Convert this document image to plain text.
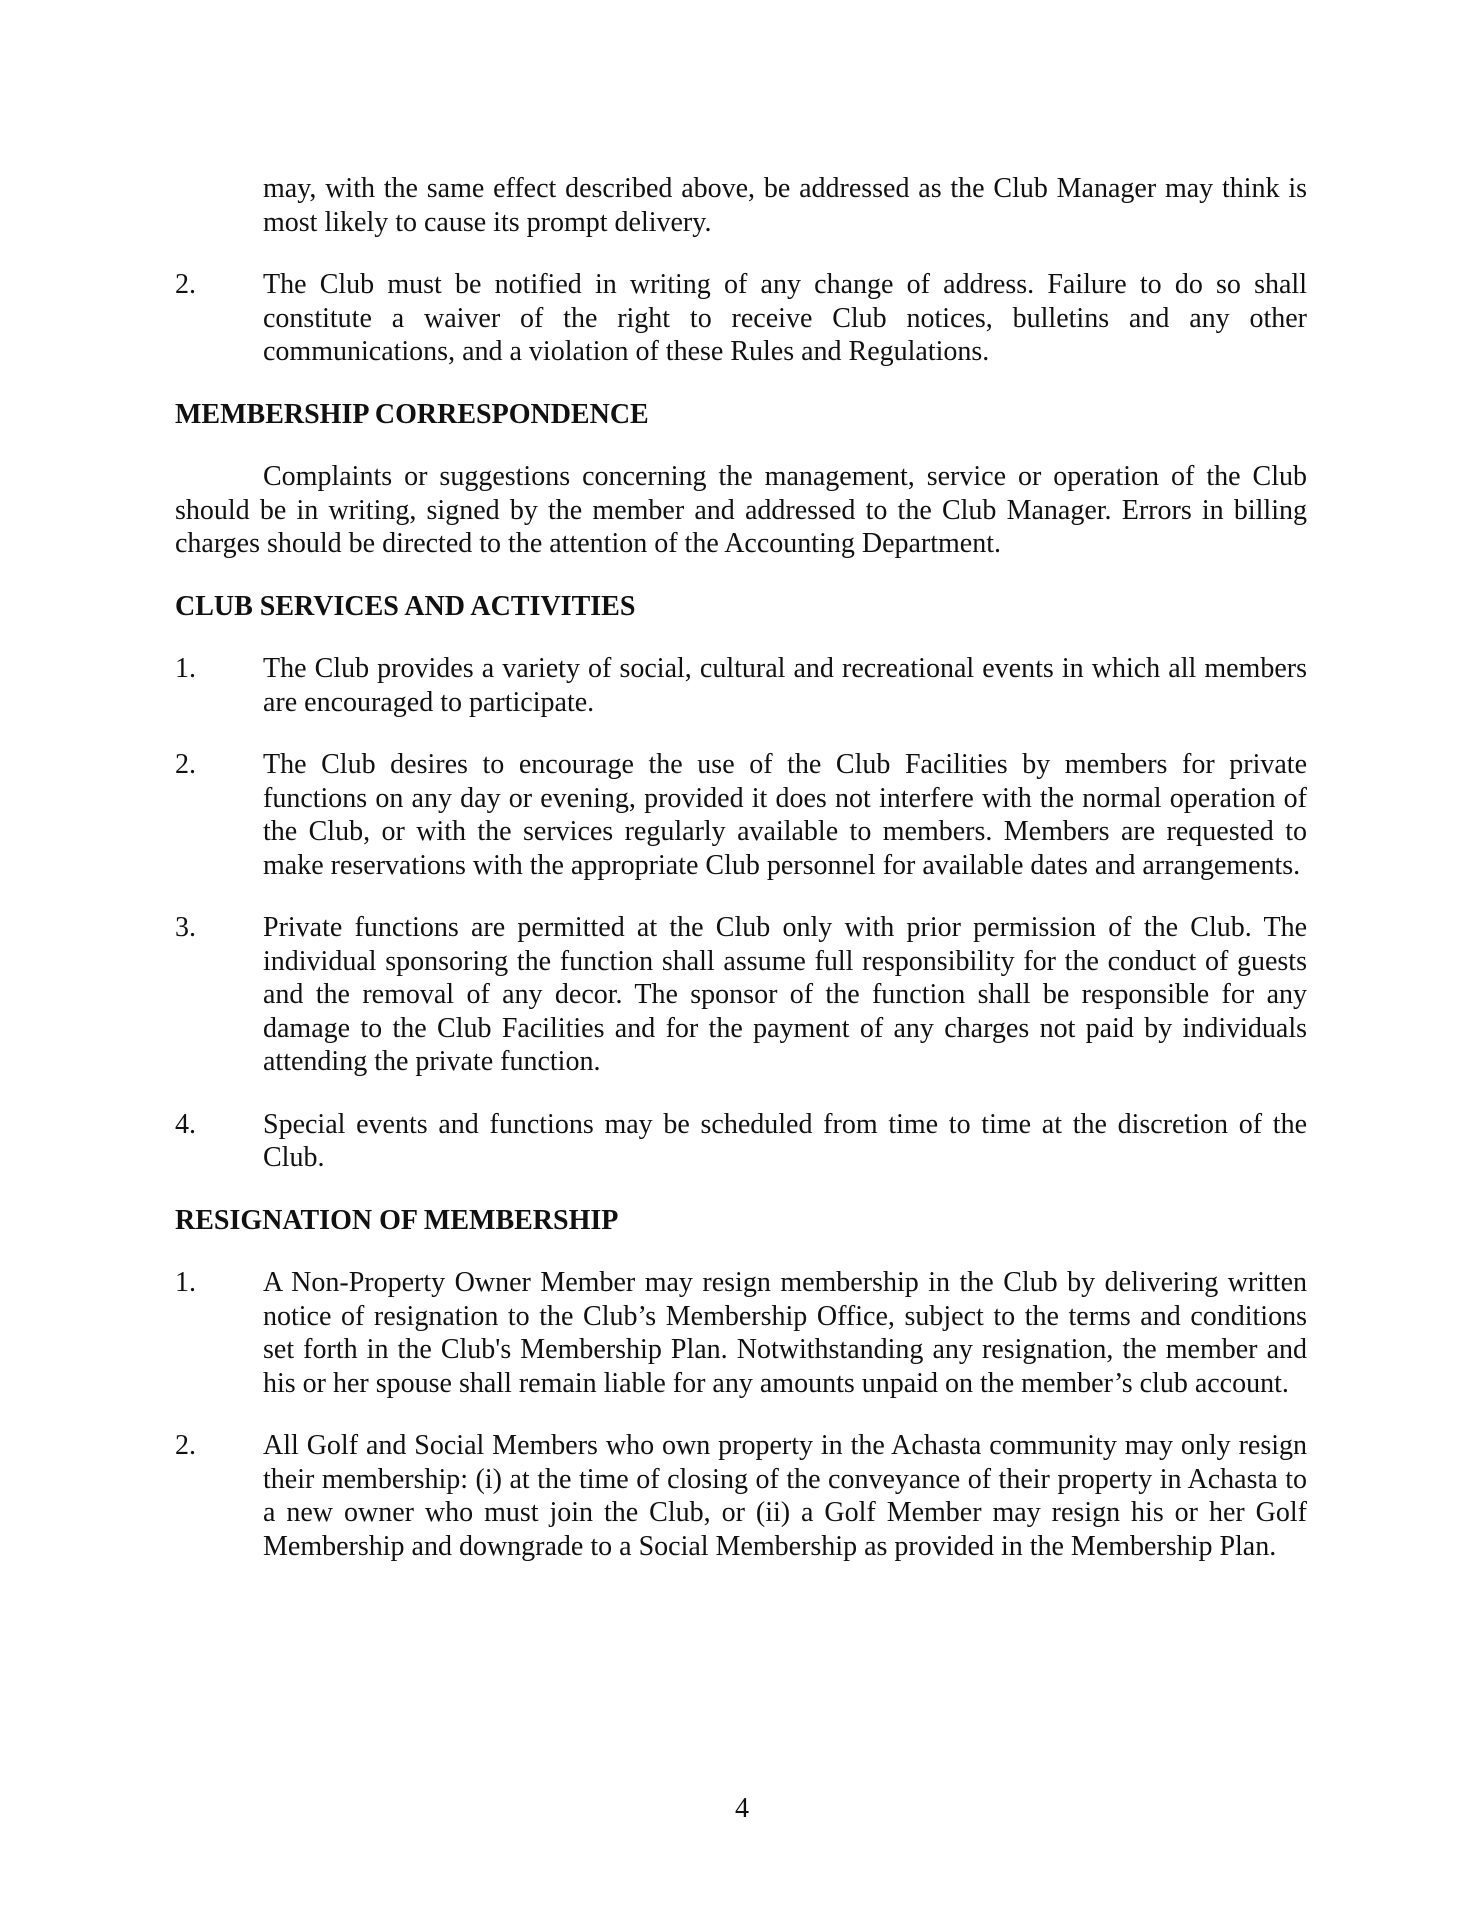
may, with the same effect described above, be addressed as the Club Manager may think is most likely to cause its prompt delivery.

2. The Club must be notified in writing of any change of address. Failure to do so shall constitute a waiver of the right to receive Club notices, bulletins and any other communications, and a violation of these Rules and Regulations.
MEMBERSHIP CORRESPONDENCE

Complaints or suggestions concerning the management, service or operation of the Club should be in writing, signed by the member and addressed to the Club Manager. Errors in billing charges should be directed to the attention of the Accounting Department.

CLUB SERVICES AND ACTIVITIES
1. The Club provides a variety of social, cultural and recreational events in which all members are encouraged to participate.
2. The Club desires to encourage the use of the Club Facilities by members for private functions on any day or evening, provided it does not interfere with the normal operation of the Club, or with the services regularly available to members. Members are requested to make reservations with the appropriate Club personnel for available dates and arrangements.
3. Private functions are permitted at the Club only with prior permission of the Club. The individual sponsoring the function shall assume full responsibility for the conduct of guests and the removal of any decor. The sponsor of the function shall be responsible for any damage to the Club Facilities and for the payment of any charges not paid by individuals attending the private function.
4. Special events and functions may be scheduled from time to time at the discretion of the Club.
RESIGNATION OF MEMBERSHIP
1. A Non-Property Owner Member may resign membership in the Club by delivering written notice of resignation to the Club’s Membership Office, subject to the terms and conditions set forth in the Club's Membership Plan. Notwithstanding any resignation, the member and his or her spouse shall remain liable for any amounts unpaid on the member’s club account.
2. All Golf and Social Members who own property in the Achasta community may only resign their membership: (i) at the time of closing of the conveyance of their property in Achasta to a new owner who must join the Club, or (ii) a Golf Member may resign his or her Golf Membership and downgrade to a Social Membership as provided in the Membership Plan.
4
